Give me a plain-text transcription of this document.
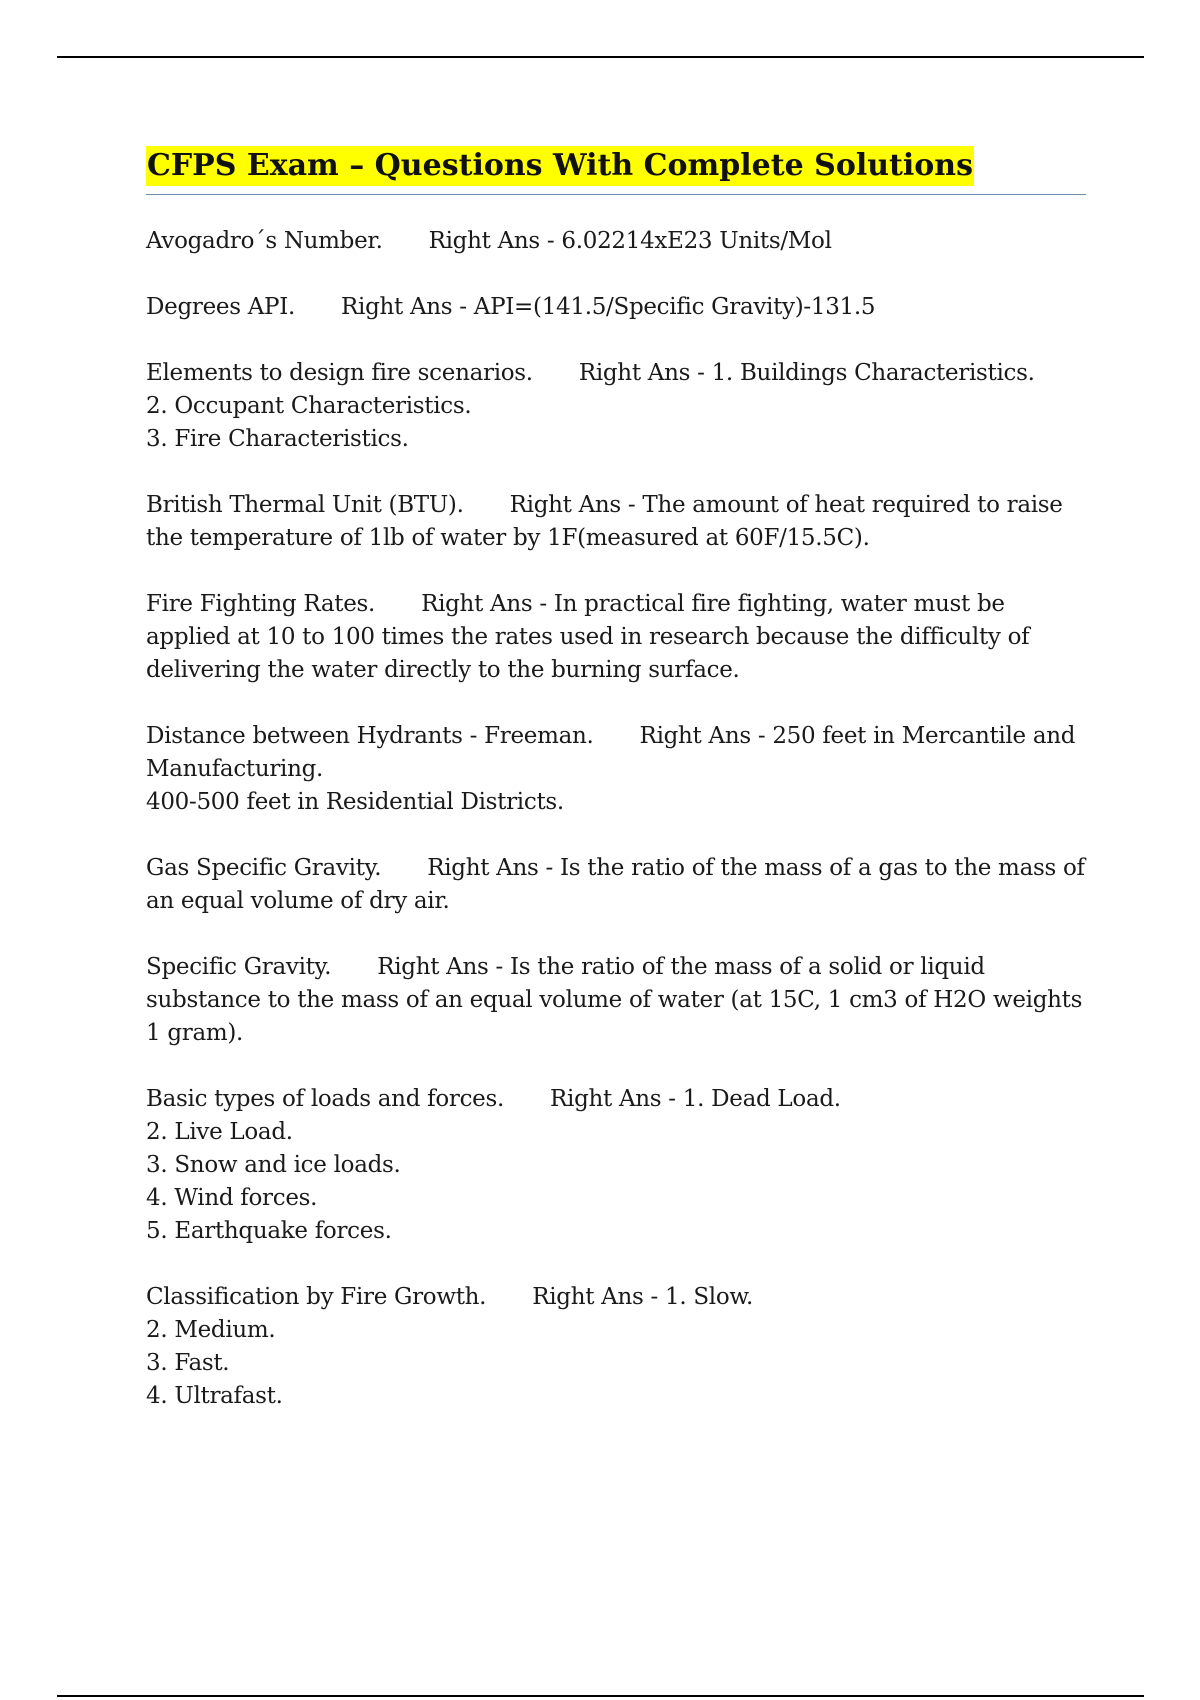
CFPS Exam – Questions With Complete Solutions

Avogadro´s Number. Right Ans - 6.02214xE23 Units/Mol

Degrees API. Right Ans - API=(141.5/Specific Gravity)-131.5

Elements to design fire scenarios. Right Ans - 1. Buildings Characteristics.
2. Occupant Characteristics.
3. Fire Characteristics.

British Thermal Unit (BTU). Right Ans - The amount of heat required to raise the temperature of 1lb of water by 1F(measured at 60F/15.5C).

Fire Fighting Rates. Right Ans - In practical fire fighting, water must be applied at 10 to 100 times the rates used in research because the difficulty of delivering the water directly to the burning surface.

Distance between Hydrants - Freeman. Right Ans - 250 feet in Mercantile and Manufacturing.
400-500 feet in Residential Districts.

Gas Specific Gravity. Right Ans - Is the ratio of the mass of a gas to the mass of an equal volume of dry air.

Specific Gravity. Right Ans - Is the ratio of the mass of a solid or liquid substance to the mass of an equal volume of water (at 15C, 1 cm3 of H2O weights 1 gram).

Basic types of loads and forces. Right Ans - 1. Dead Load.
2. Live Load.
3. Snow and ice loads.
4. Wind forces.
5. Earthquake forces.

Classification by Fire Growth. Right Ans - 1. Slow.
2. Medium.
3. Fast.
4. Ultrafast.
